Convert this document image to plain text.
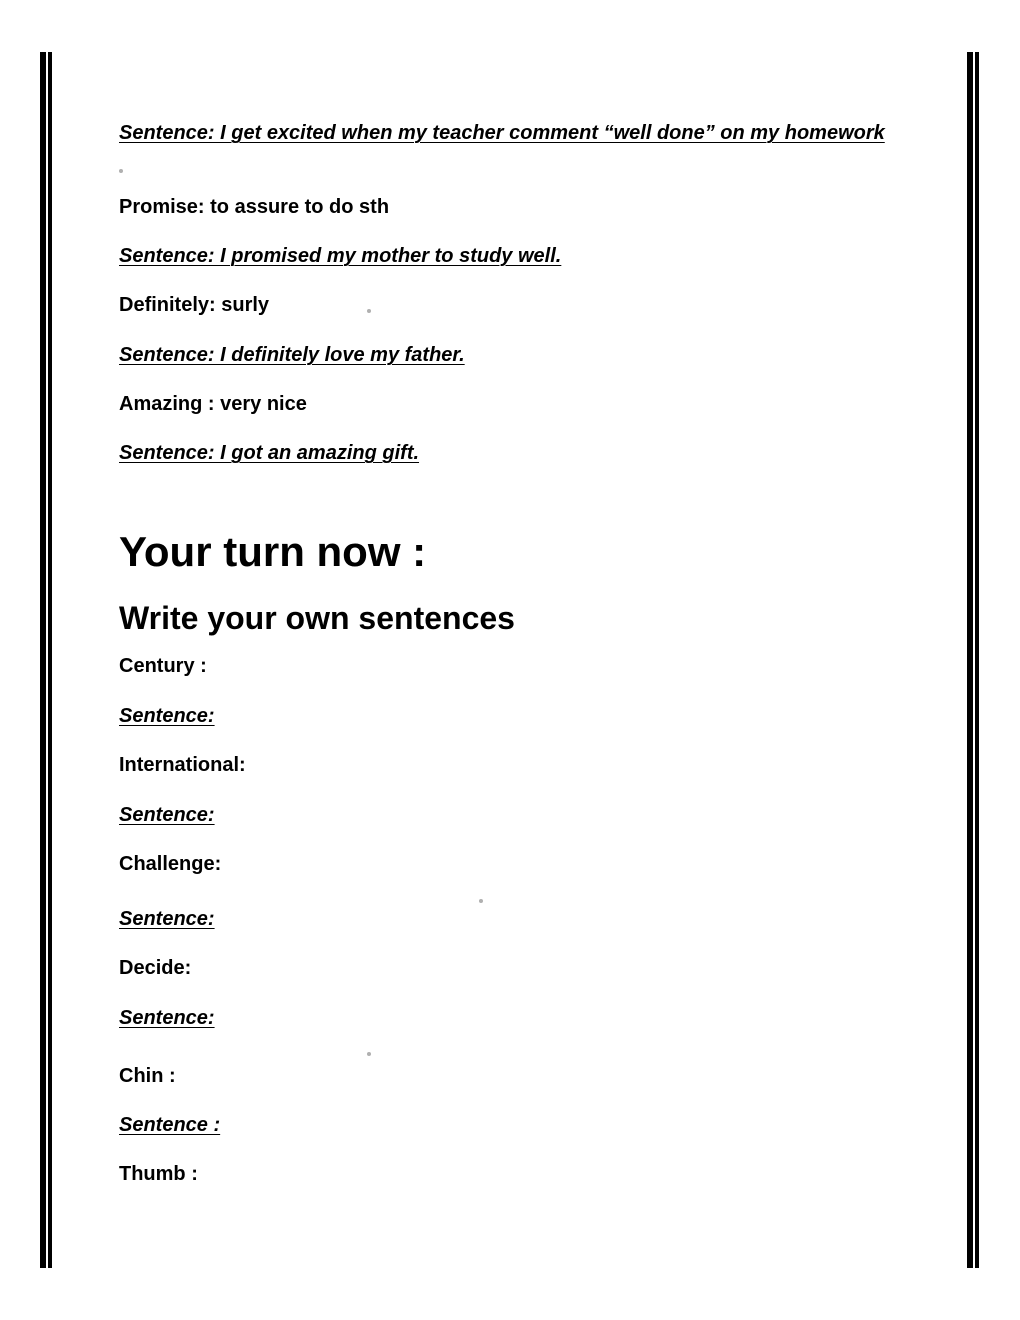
Sentence: I get excited when my teacher comment “well done” on my homework
Promise: to assure to do sth
Sentence: I promised my mother to study well.
Definitely: surly
Sentence: I definitely love my father.
Amazing : very nice
Sentence: I got an amazing gift.
Your turn now :
Write your own sentences
Century :
Sentence:
International:
Sentence:
Challenge:
Sentence:
Decide:
Sentence:
Chin :
Sentence :
Thumb :
